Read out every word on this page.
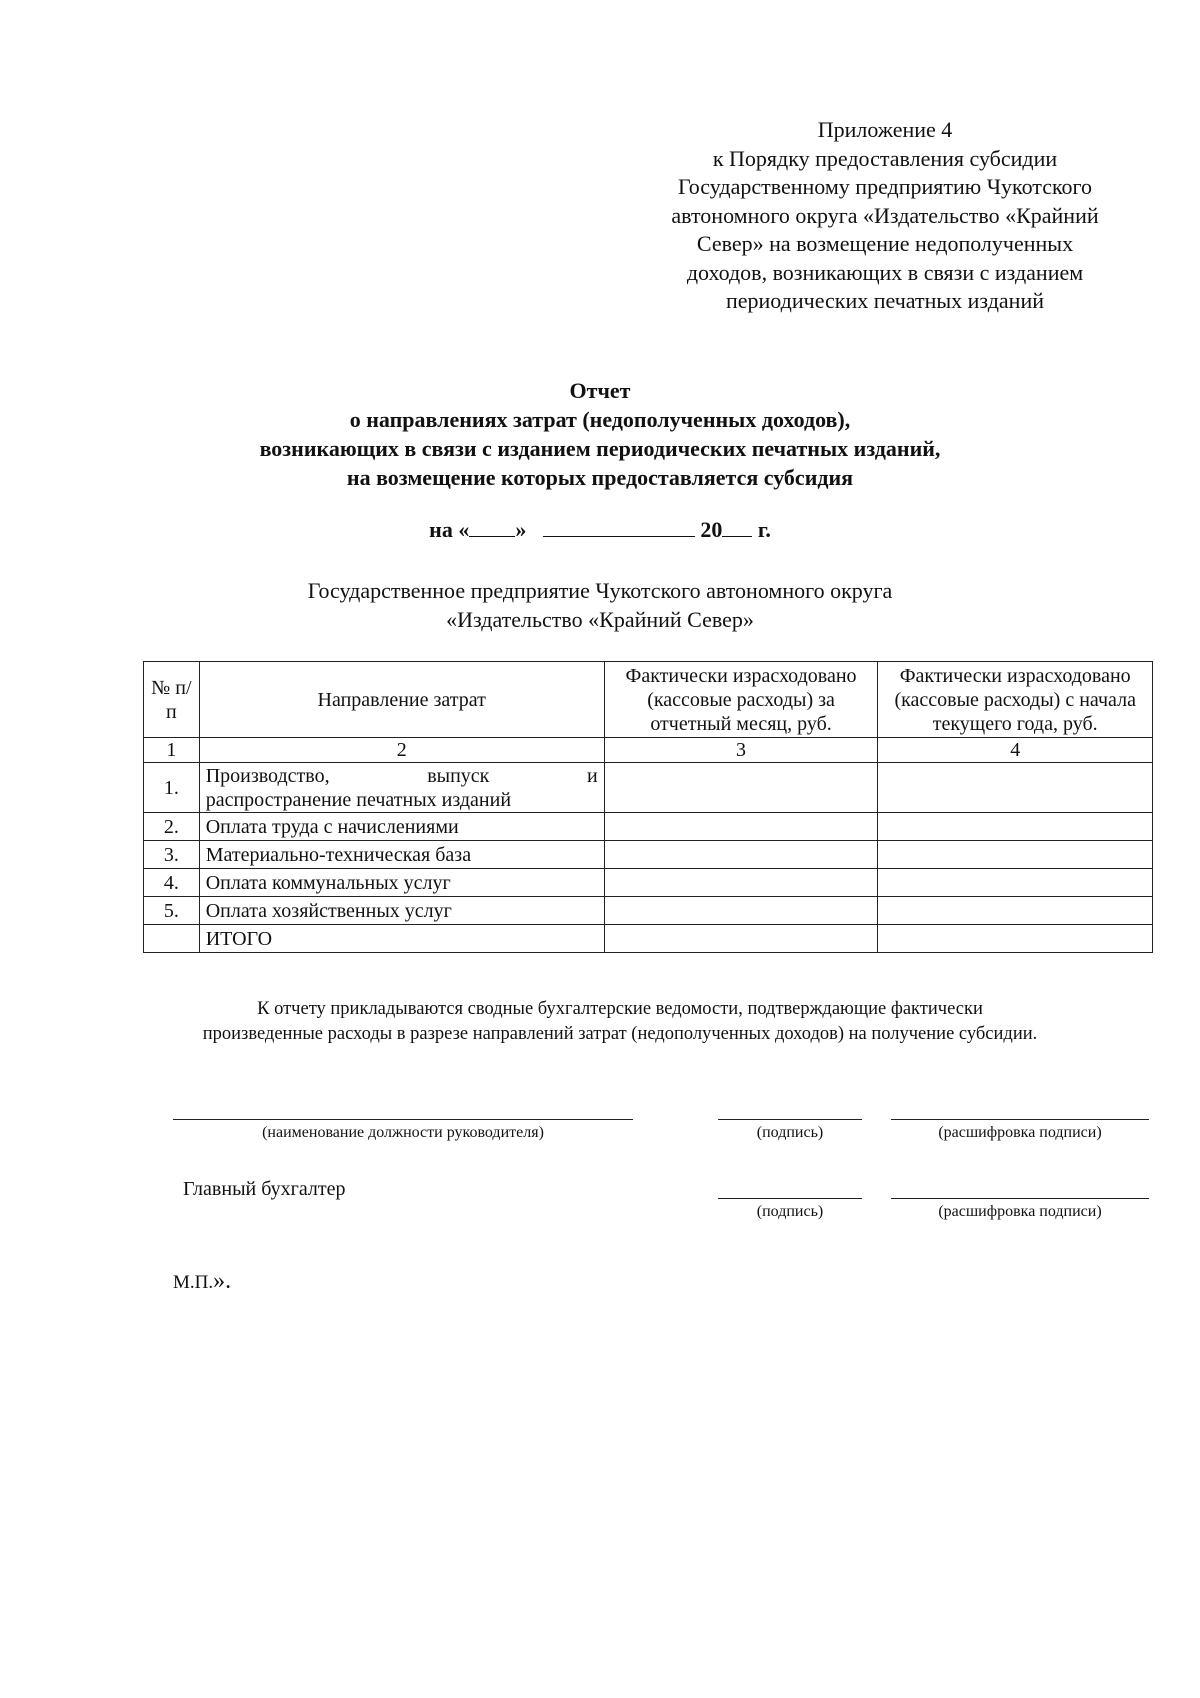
Приложение 4
к Порядку предоставления субсидии
Государственному предприятию Чукотского
автономного округа «Издательство «Крайний
Север» на возмещение недополученных
доходов, возникающих в связи с изданием
периодических печатных изданий
Отчет
о направлениях затрат (недополученных доходов),
возникающих в связи с изданием периодических печатных изданий,
на возмещение которых предоставляется субсидия
на « »	20 г.
Государственное предприятие Чукотского автономного округа
«Издательство «Крайний Север»
№ п/п	Направление затрат	Фактически израсходовано (кассовые расходы) за отчетный месяц, руб.	Фактически израсходовано (кассовые расходы) с начала текущего года, руб.
1	2	3	4
1.	Производство, выпуск и
распространение печатных изданий		
2.	Оплата труда с начислениями		
3.	Материально-техническая база		
4.	Оплата коммунальных услуг		
5.	Оплата хозяйственных услуг		
	ИТОГО		
К отчету прикладываются сводные бухгалтерские ведомости, подтверждающие фактически
произведенные расходы в разрезе направлений затрат (недополученных доходов) на получение субсидии.
(наименование должности руководителя)	(подпись)	(расшифровка подписи)
Главный бухгалтер
(подпись)	(расшифровка подписи)
М.П.».
